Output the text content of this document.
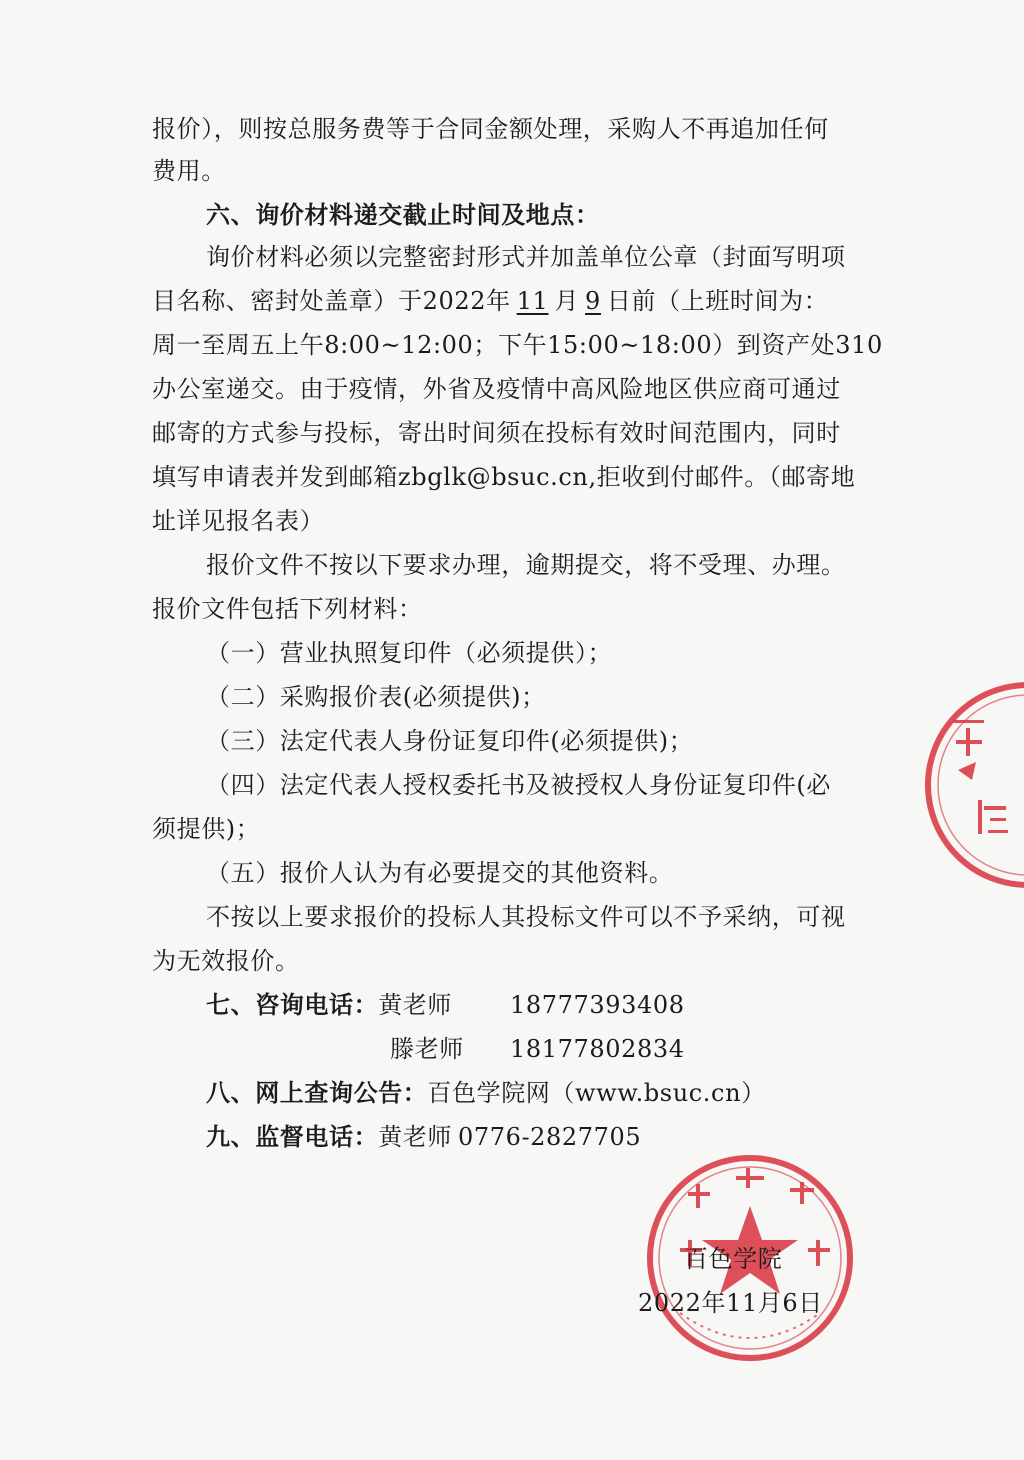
报价），则按总服务费等于合同金额处理，采购人不再追加任何
费用。
六、询价材料递交截止时间及地点：
询价材料必须以完整密封形式并加盖单位公章（封面写明项
目名称、密封处盖章）于2022年 11 月 9 日前（上班时间为：
周一至周五上午8:00~12:00；下午15:00~18:00）到资产处310
办公室递交。由于疫情，外省及疫情中高风险地区供应商可通过
邮寄的方式参与投标，寄出时间须在投标有效时间范围内，同时
填写申请表并发到邮箱zbglk@bsuc.cn,拒收到付邮件。（邮寄地
址详见报名表）
报价文件不按以下要求办理，逾期提交，将不受理、办理。
报价文件包括下列材料：
（一）营业执照复印件（必须提供）；
（二）采购报价表(必须提供)；
（三）法定代表人身份证复印件(必须提供)；
（四）法定代表人授权委托书及被授权人身份证复印件(必
须提供)；
（五）报价人认为有必要提交的其他资料。
不按以上要求报价的投标人其投标文件可以不予采纳，可视
为无效报价。
七、咨询电话：黄老师 18777393408
滕老师 18177802834
八、网上查询公告：百色学院网（www.bsuc.cn）
九、监督电话：黄老师 0776-2827705
百色学院
2022年11月6日
